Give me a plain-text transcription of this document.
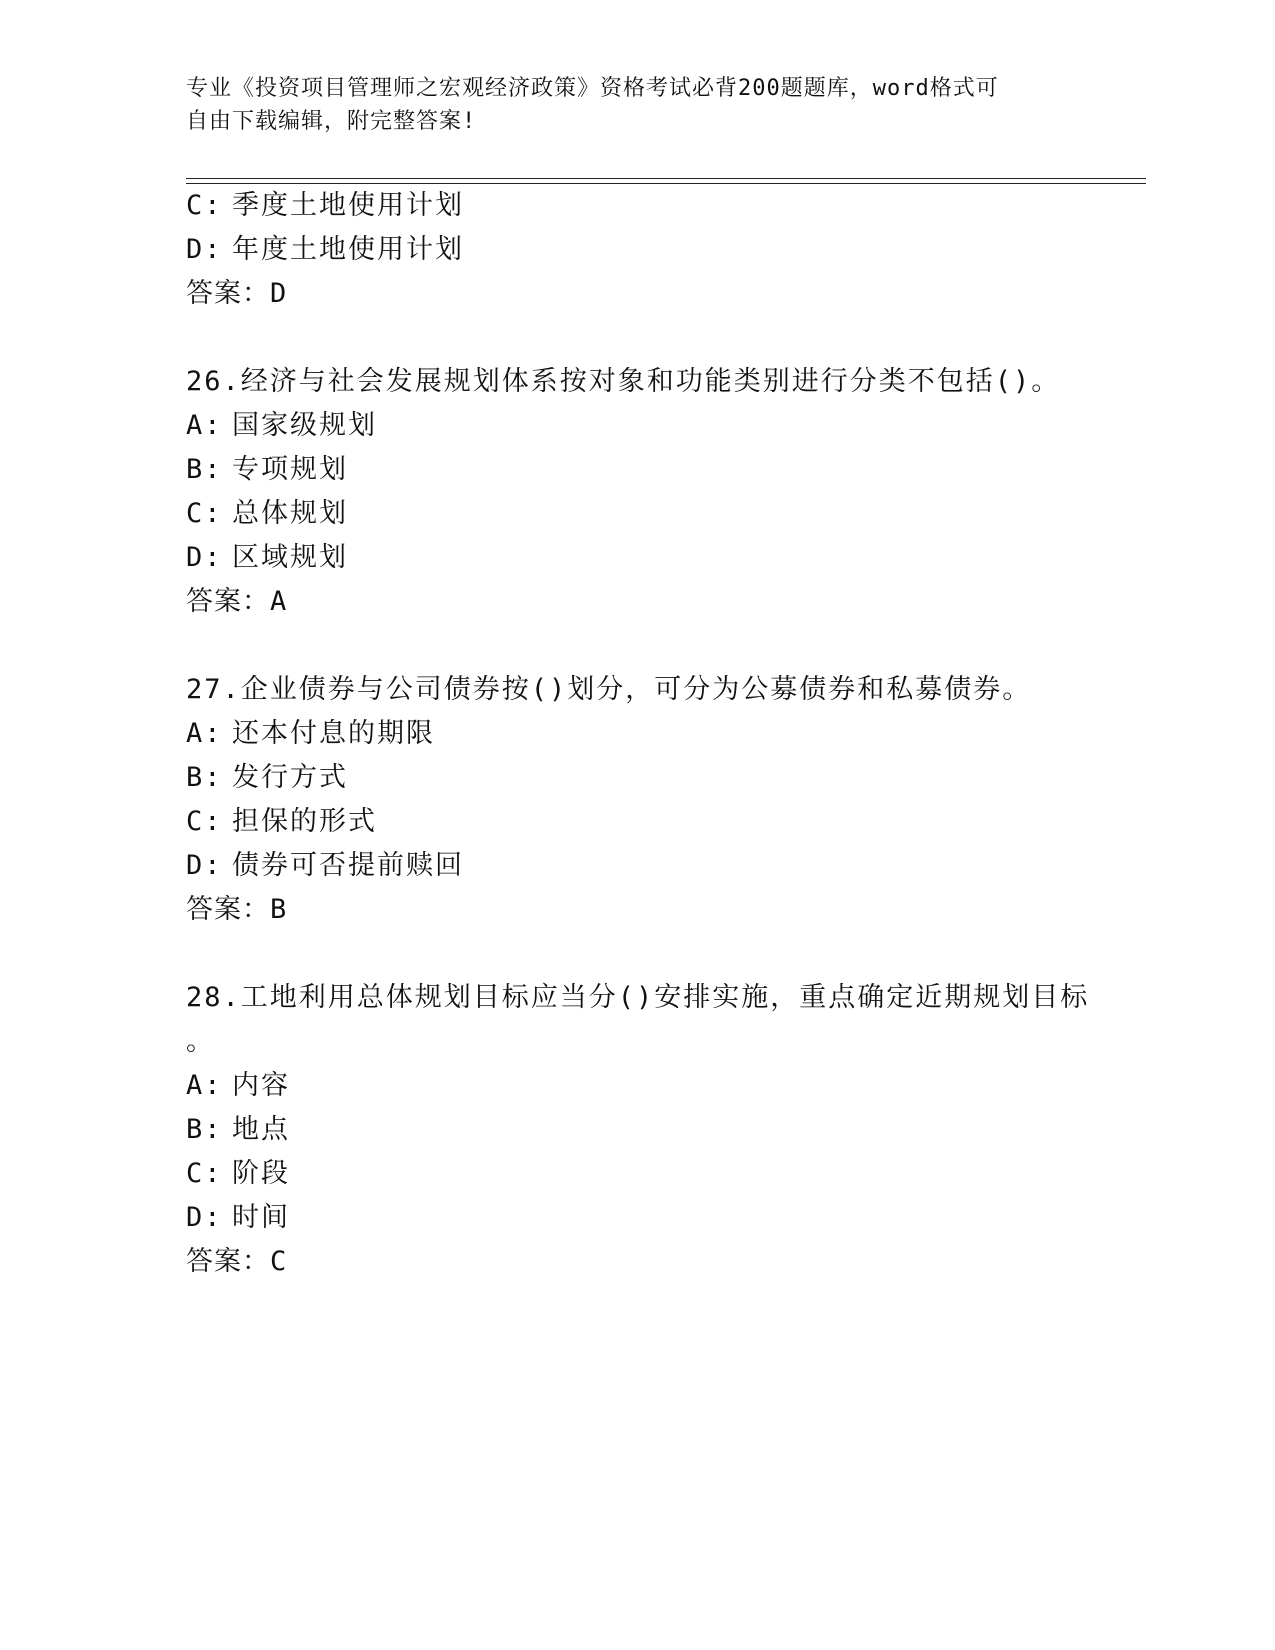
专业《投资项目管理师之宏观经济政策》资格考试必背200题题库，word格式可
自由下载编辑，附完整答案!
C: 季度土地使用计划
D: 年度土地使用计划
答案：D
26.经济与社会发展规划体系按对象和功能类别进行分类不包括()。
A: 国家级规划
B: 专项规划
C: 总体规划
D: 区域规划
答案：A
27.企业债券与公司债券按()划分，可分为公募债券和私募债券。
A: 还本付息的期限
B: 发行方式
C: 担保的形式
D: 债券可否提前赎回
答案：B
28.工地利用总体规划目标应当分()安排实施，重点确定近期规划目标
。
A: 内容
B: 地点
C: 阶段
D: 时间
答案：C
